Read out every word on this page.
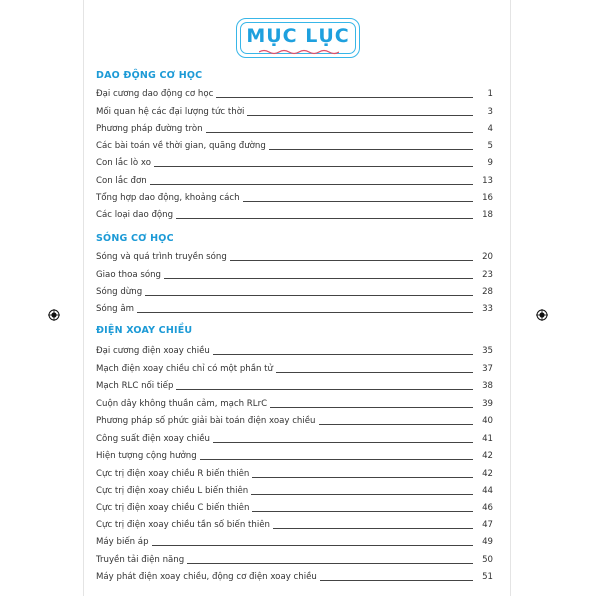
MỤC LỤC
DAO ĐỘNG CƠ HỌC
SÓNG CƠ HỌC
ĐIỆN XOAY CHIỀU
Đại cương dao động cơ học	1
Mối quan hệ các đại lượng tức thời	3
Phương pháp đường tròn	4
Các bài toán về thời gian, quãng đường	5
Con lắc lò xo	9
Con lắc đơn	13
Tổng hợp dao động, khoảng cách	16
Các loại dao động	18
Sóng và quá trình truyền sóng	20
Giao thoa sóng	23
Sóng dừng	28
Sóng âm	33
Đại cương điện xoay chiều	35
Mạch điện xoay chiều chỉ có một phần tử	37
Mạch RLC nối tiếp	38
Cuộn dây không thuần cảm, mạch RLrC	39
Phương pháp số phức giải bài toán điện xoay chiều	40
Công suất điện xoay chiều	41
Hiện tượng cộng hưởng	42
Cực trị điện xoay chiều R biến thiên	42
Cực trị điện xoay chiều L biến thiên	44
Cực trị điện xoay chiều C biến thiên	46
Cực trị điện xoay chiều tần số biến thiên	47
Máy biến áp	49
Truyền tải điện năng	50
Máy phát điện xoay chiều, động cơ điện xoay chiều	51
